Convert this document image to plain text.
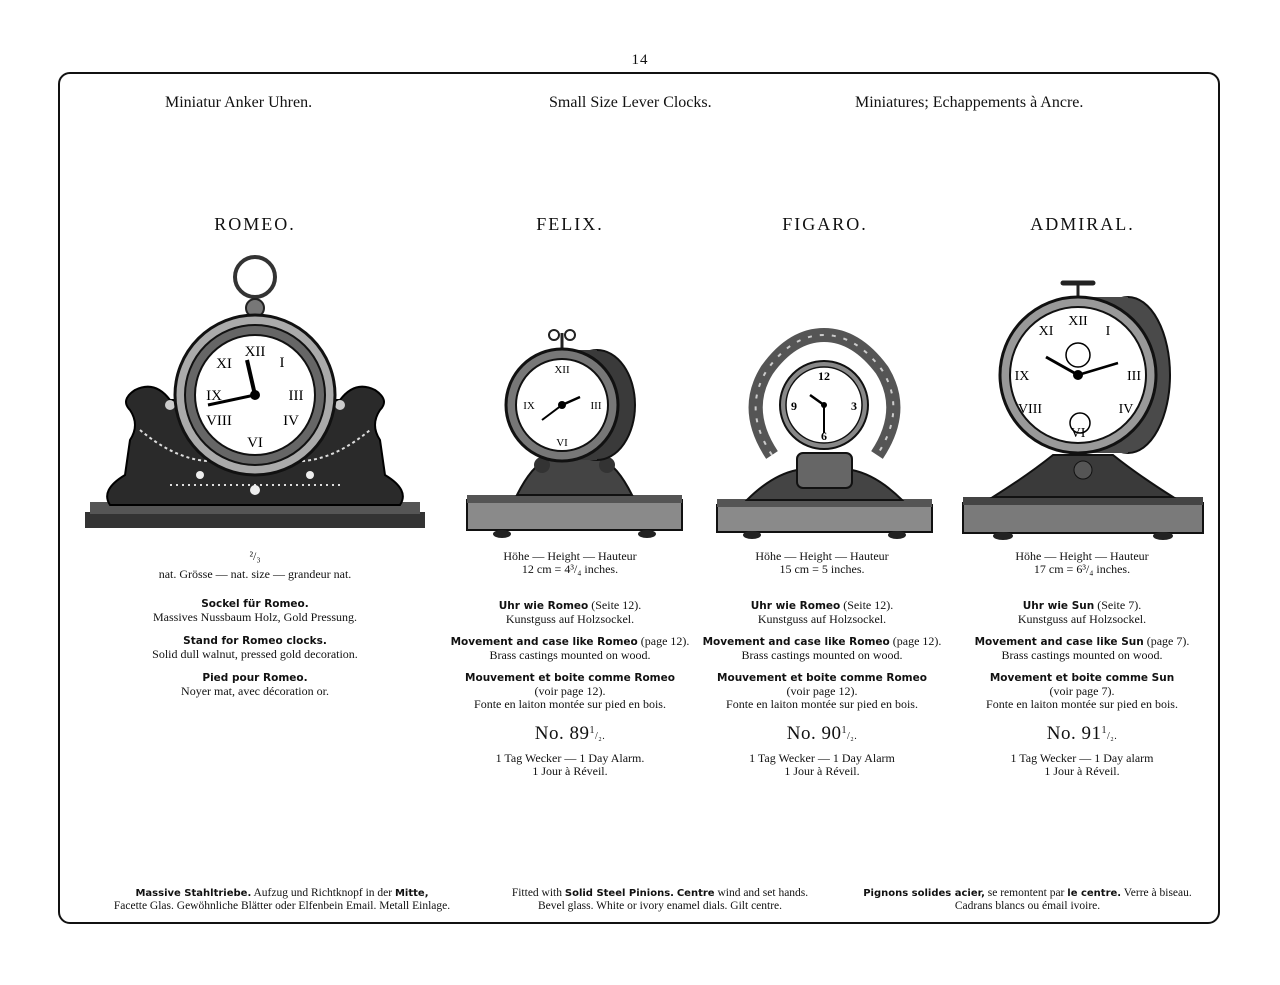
14
Miniatur Anker Uhren.	Small Size Lever Clocks.	Miniatures; Echappements à Ancre.
ROMEO.
XII
III
VI
IX
I
IV
VIII
XI
²/₃
nat. Grösse — nat. size — grandeur nat.

Sockel für Romeo.

Massives Nussbaum Holz, Gold Pressung.

Stand for Romeo clocks.

Solid dull walnut, pressed gold decoration.

Pied pour Romeo.

Noyer mat, avec décoration or.

FELIX.
XII
III
VI
IX
Höhe — Height — Hauteur
12 cm = 4³/₄ inches.

Uhr wie Romeo (Seite 12).

Kunstguss auf Holzsockel.

Movement and case like Romeo (page 12).

Brass castings mounted on wood.

Mouvement et boite comme Romeo

(voir page 12).

Fonte en laiton montée sur pied en bois.

No. $89^1/_2$.
1 Tag Wecker — 1 Day Alarm.
1 Jour à Réveil.
FIGARO.
12
3
6
9
Höhe — Height — Hauteur
15 cm = 5 inches.

Uhr wie Romeo (Seite 12).

Kunstguss auf Holzsockel.

Movement and case like Romeo (page 12).

Brass castings mounted on wood.

Mouvement et boite comme Romeo

(voir page 12).

Fonte en laiton montée sur pied en bois.

No. $90^1/_2$.
1 Tag Wecker — 1 Day Alarm
1 Jour à Réveil.
ADMIRAL.
XII
III
VI
IX
I
XI
IV
VIII
Höhe — Height — Hauteur
17 cm = 6³/₄ inches.

Uhr wie Sun (Seite 7).

Kunstguss auf Holzsockel.

Movement and case like Sun (page 7).

Brass castings mounted on wood.

Movement et boite comme Sun

(voir page 7).

Fonte en laiton montée sur pied en bois.

No. $91^1/_2$.
1 Tag Wecker — 1 Day alarm
1 Jour à Réveil.

Massive Stahltriebe. Aufzug und Richtknopf in der Mitte,

Facette Glas. Gewöhnliche Blätter oder Elfenbein Email. Metall Einlage.

Fitted with Solid Steel Pinions. Centre wind and set hands.

Bevel glass. White or ivory enamel dials. Gilt centre.

Pignons solides acier, se remontent par le centre. Verre à biseau.

Cadrans blancs ou émail ivoire.
